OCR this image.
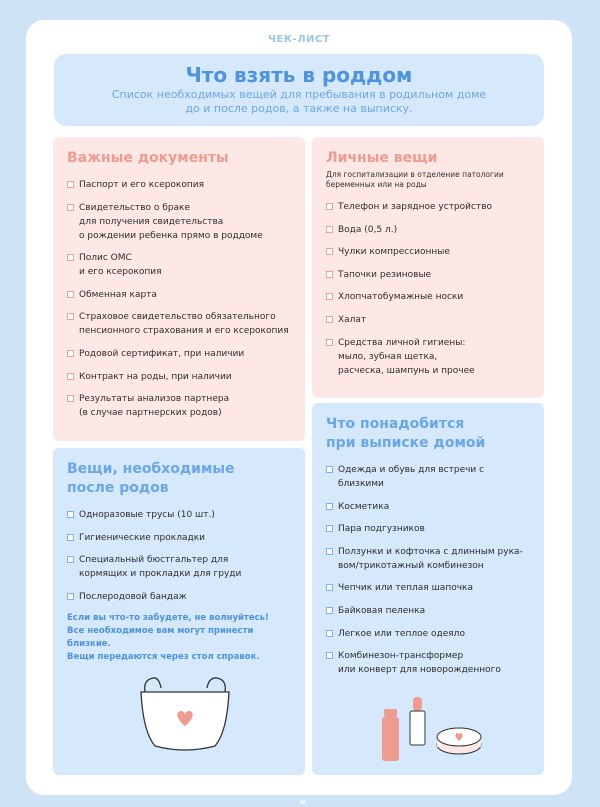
ЧЕК-ЛИСТ
Что взять в роддом

Список необходимых вещей для пребывания в родильном доме
до и после родов, а также на выписку.

Важные документы
Паспорт и его ксерокопия
Свидетельство о браке
для получения свидетельства
о рождении ребенка прямо в роддоме
Полис ОМС
и его ксерокопия
Обменная карта
Страховое свидетельство обязательного
пенсионного страхования и его ксерокопия
Родовой сертификат, при наличии
Контракт на роды, при наличии
Результаты анализов партнера
(в случае партнерских родов)
Личные вещи
Для госпитализации в отделение патологии
беременных или на роды
Телефон и зарядное устройство
Вода (0,5 л.)
Чулки компрессионные
Тапочки резиновые
Хлопчатобумажные носки
Халат
Средства личной гигиены:
мыло, зубная щетка,
расческа, шампунь и прочее
Вещи, необходимые
после родов
Одноразовые трусы (10 шт.)
Гигиенические прокладки
Специальный бюстгальтер для
кормящих и прокладки для груди
Послеродовой бандаж
Если вы что-то забудете, не волнуйтесь!
Все необходимое вам могут принести близкие.
Вещи передаются через стол справок.
Что понадобится
при выписке домой
Одежда и обувь для встречи с близкими
Косметика
Пара подгузников
Ползунки и кофточка с длинным рука-
вом/трикотажный комбинезон
Чепчик или теплая шапочка
Байковая пеленка
Легкое или теплое одеяло
Комбинезон-трансформер
или конверт для новорожденного
